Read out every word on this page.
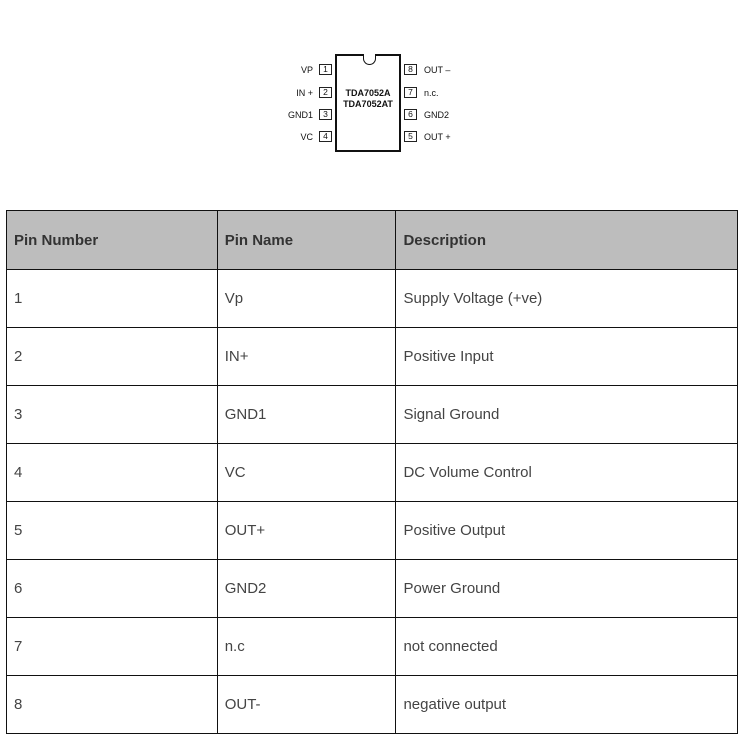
TDA7052A
TDA7052AT
VP	1
IN +	2
GND1	3
VC	4
8	OUT –
7	n.c.
6	GND2
5	OUT +
Pin Number	Pin Name	Description
1	Vp	Supply Voltage (+ve)
2	IN+	Positive Input
3	GND1	Signal Ground
4	VC	DC Volume Control
5	OUT+	Positive Output
6	GND2	Power Ground
7	n.c	not connected
8	OUT-	negative output
